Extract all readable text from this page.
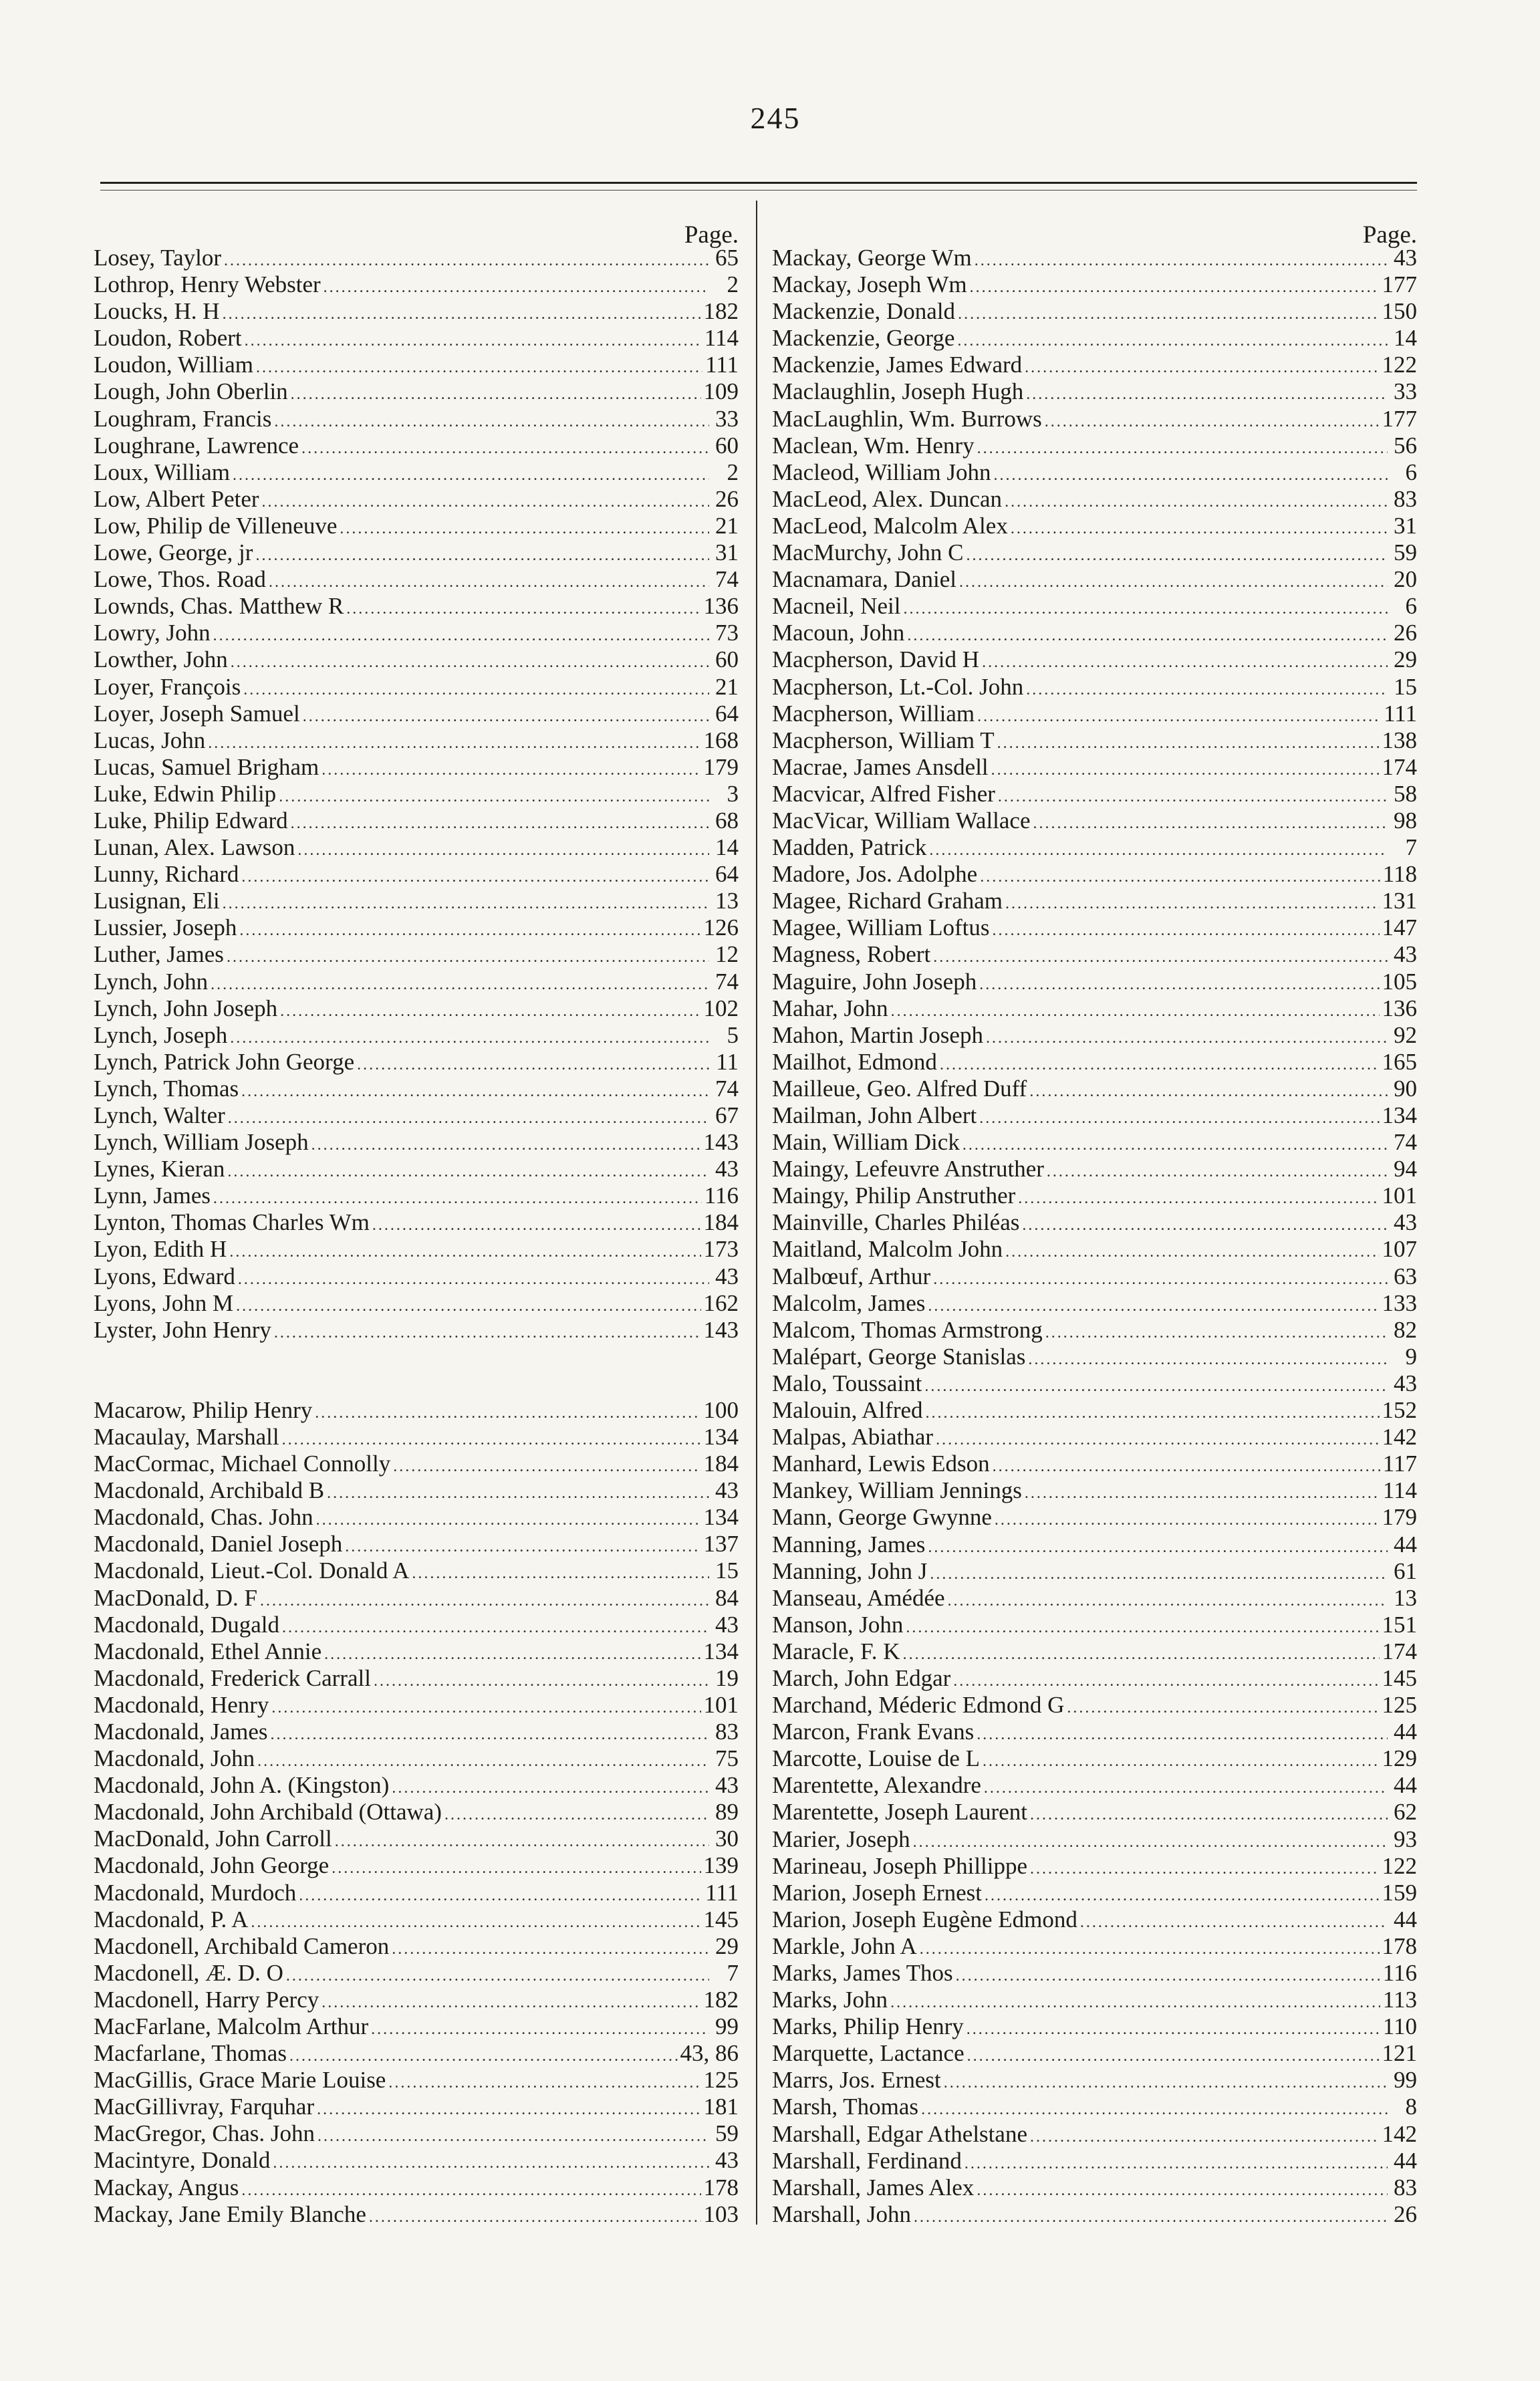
245
Page.
Losey, Taylor .....	65
Lothrop, Henry Webster .....	2
Loucks, H. H .....	182
Loudon, Robert .....	114
Loudon, William .....	111
Lough, John Oberlin .....	109
Loughram, Francis .....	33
Loughrane, Lawrence .....	60
Loux, William .....	2
Low, Albert Peter .....	26
Low, Philip de Villeneuve .....	21
Lowe, George, jr .....	31
Lowe, Thos. Road .....	74
Lownds, Chas. Matthew R .....	136
Lowry, John .....	73
Lowther, John .....	60
Loyer, François .....	21
Loyer, Joseph Samuel .....	64
Lucas, John .....	168
Lucas, Samuel Brigham .....	179
Luke, Edwin Philip .....	3
Luke, Philip Edward .....	68
Lunan, Alex. Lawson .....	14
Lunny, Richard .....	64
Lusignan, Eli .....	13
Lussier, Joseph .....	126
Luther, James .....	12
Lynch, John .....	74
Lynch, John Joseph .....	102
Lynch, Joseph .....	5
Lynch, Patrick John George .....	11
Lynch, Thomas .....	74
Lynch, Walter .....	67
Lynch, William Joseph .....	143
Lynes, Kieran .....	43
Lynn, James .....	116
Lynton, Thomas Charles Wm .....	184
Lyon, Edith H .....	173
Lyons, Edward .....	43
Lyons, John M .....	162
Lyster, John Henry .....	143
Macarow, Philip Henry .....	100
Macaulay, Marshall .....	134
MacCormac, Michael Connolly .....	184
Macdonald, Archibald B .....	43
Macdonald, Chas. John .....	134
Macdonald, Daniel Joseph .....	137
Macdonald, Lieut.-Col. Donald A .....	15
MacDonald, D. F .....	84
Macdonald, Dugald .....	43
Macdonald, Ethel Annie .....	134
Macdonald, Frederick Carrall .....	19
Macdonald, Henry .....	101
Macdonald, James .....	83
Macdonald, John .....	75
Macdonald, John A. (Kingston) .....	43
Macdonald, John Archibald (Ottawa) .....	89
MacDonald, John Carroll .....	30
Macdonald, John George .....	139
Macdonald, Murdoch .....	111
Macdonald, P. A .....	145
Macdonell, Archibald Cameron .....	29
Macdonell, Æ. D. O .....	7
Macdonell, Harry Percy .....	182
MacFarlane, Malcolm Arthur .....	99
Macfarlane, Thomas .....	43, 86
MacGillis, Grace Marie Louise .....	125
MacGillivray, Farquhar .....	181
MacGregor, Chas. John .....	59
Macintyre, Donald .....	43
Mackay, Angus .....	178
Mackay, Jane Emily Blanche .....	103
Page.
Mackay, George Wm .....	43
Mackay, Joseph Wm .....	177
Mackenzie, Donald .....	150
Mackenzie, George .....	14
Mackenzie, James Edward .....	122
Maclaughlin, Joseph Hugh .....	33
MacLaughlin, Wm. Burrows .....	177
Maclean, Wm. Henry .....	56
Macleod, William John .....	6
MacLeod, Alex. Duncan .....	83
MacLeod, Malcolm Alex .....	31
MacMurchy, John C .....	59
Macnamara, Daniel .....	20
Macneil, Neil .....	6
Macoun, John .....	26
Macpherson, David H .....	29
Macpherson, Lt.-Col. John .....	15
Macpherson, William .....	111
Macpherson, William T .....	138
Macrae, James Ansdell .....	174
Macvicar, Alfred Fisher .....	58
MacVicar, William Wallace .....	98
Madden, Patrick .....	7
Madore, Jos. Adolphe .....	118
Magee, Richard Graham .....	131
Magee, William Loftus .....	147
Magness, Robert .....	43
Maguire, John Joseph .....	105
Mahar, John .....	136
Mahon, Martin Joseph .....	92
Mailhot, Edmond .....	165
Mailleue, Geo. Alfred Duff .....	90
Mailman, John Albert .....	134
Main, William Dick .....	74
Maingy, Lefeuvre Anstruther .....	94
Maingy, Philip Anstruther .....	101
Mainville, Charles Philéas .....	43
Maitland, Malcolm John .....	107
Malbœuf, Arthur .....	63
Malcolm, James .....	133
Malcom, Thomas Armstrong .....	82
Malépart, George Stanislas .....	9
Malo, Toussaint .....	43
Malouin, Alfred .....	152
Malpas, Abiathar .....	142
Manhard, Lewis Edson .....	117
Mankey, William Jennings .....	114
Mann, George Gwynne .....	179
Manning, James .....	44
Manning, John J .....	61
Manseau, Amédée .....	13
Manson, John .....	151
Maracle, F. K .....	174
March, John Edgar .....	145
Marchand, Méderic Edmond G .....	125
Marcon, Frank Evans .....	44
Marcotte, Louise de L .....	129
Marentette, Alexandre .....	44
Marentette, Joseph Laurent .....	62
Marier, Joseph .....	93
Marineau, Joseph Phillippe .....	122
Marion, Joseph Ernest .....	159
Marion, Joseph Eugène Edmond .....	44
Markle, John A .....	178
Marks, James Thos .....	116
Marks, John .....	113
Marks, Philip Henry .....	110
Marquette, Lactance .....	121
Marrs, Jos. Ernest .....	99
Marsh, Thomas .....	8
Marshall, Edgar Athelstane .....	142
Marshall, Ferdinand .....	44
Marshall, James Alex .....	83
Marshall, John .....	26
